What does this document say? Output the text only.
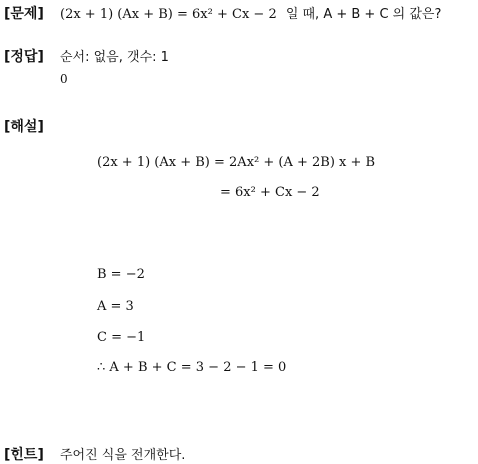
[문제] (2x + 1) (Ax + B) = 6x² + Cx − 2 일 때, A + B + C 의 값은?
[정답] 순서: 없음, 갯수: 1
0
[해설]
(2x + 1) (Ax + B) = 2Ax² + (A + 2B) x + B
= 6x² + Cx − 2
B = −2
A = 3
C = −1
∴ A + B + C = 3 − 2 − 1 = 0
[힌트] 주어진 식을 전개한다.
